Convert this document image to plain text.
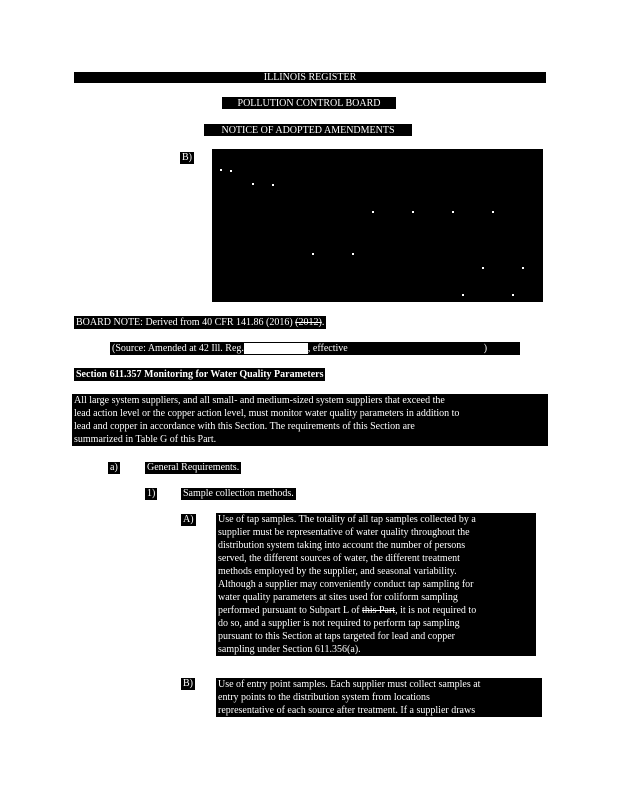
ILLINOIS REGISTER
POLLUTION CONTROL BOARD
NOTICE OF ADOPTED AMENDMENTS
B)
BOARD NOTE: Derived from 40 CFR 141.86 (2016) (2012).
(Source: Amended at 42 Ill. Reg.	, effective	)
Section 611.357 Monitoring for Water Quality Parameters
All large system suppliers, and all small- and medium-sized system suppliers that exceed the
lead action level or the copper action level, must monitor water quality parameters in addition to
lead and copper in accordance with this Section. The requirements of this Section are
summarized in Table G of this Part.
a)	General Requirements.
1)	Sample collection methods.
A) Use of tap samples. The totality of all tap samples collected by a
supplier must be representative of water quality throughout the
distribution system taking into account the number of persons
served, the different sources of water, the different treatment
methods employed by the supplier, and seasonal variability.
Although a supplier may conveniently conduct tap sampling for
water quality parameters at sites used for coliform sampling
performed pursuant to Subpart L of this Part, it is not required to
do so, and a supplier is not required to perform tap sampling
pursuant to this Section at taps targeted for lead and copper
sampling under Section 611.356(a).
B)	Use of entry point samples. Each supplier must collect samples at
entry points to the distribution system from locations
representative of each source after treatment. If a supplier draws
